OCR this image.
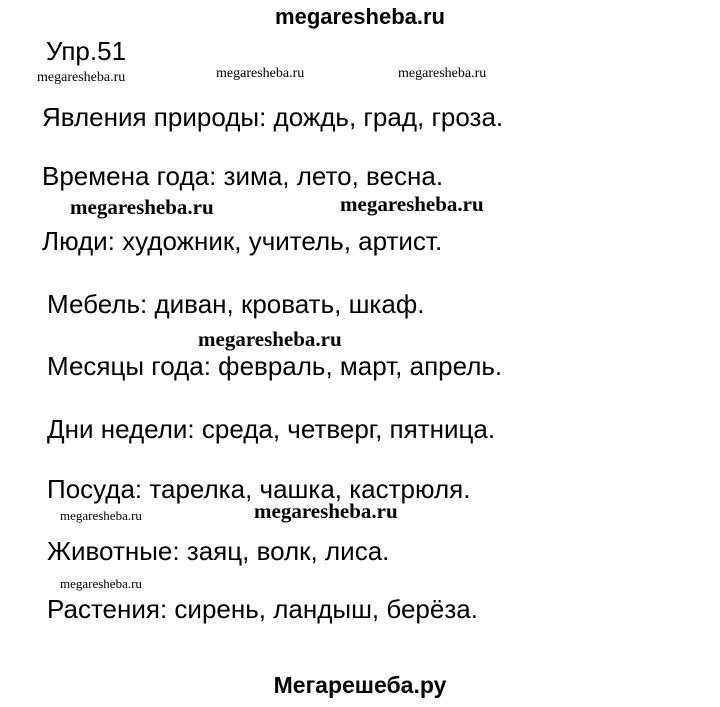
megaresheba.ru
Упр.51
megaresheba.ru	megaresheba.ru	megaresheba.ru
Явления природы: дождь, град, гроза.
Времена года: зима, лето, весна.
megaresheba.ru	megaresheba.ru
Люди: художник, учитель, артист.
Мебель: диван, кровать, шкаф.
megaresheba.ru
Месяцы года: февраль, март, апрель.
Дни недели: среда, четверг, пятница.
Посуда: тарелка, чашка, кастрюля.
megaresheba.ru	megaresheba.ru
Животные: заяц, волк, лиса.
megaresheba.ru
Растения: сирень, ландыш, берёза.
Мегарешеба.ру
